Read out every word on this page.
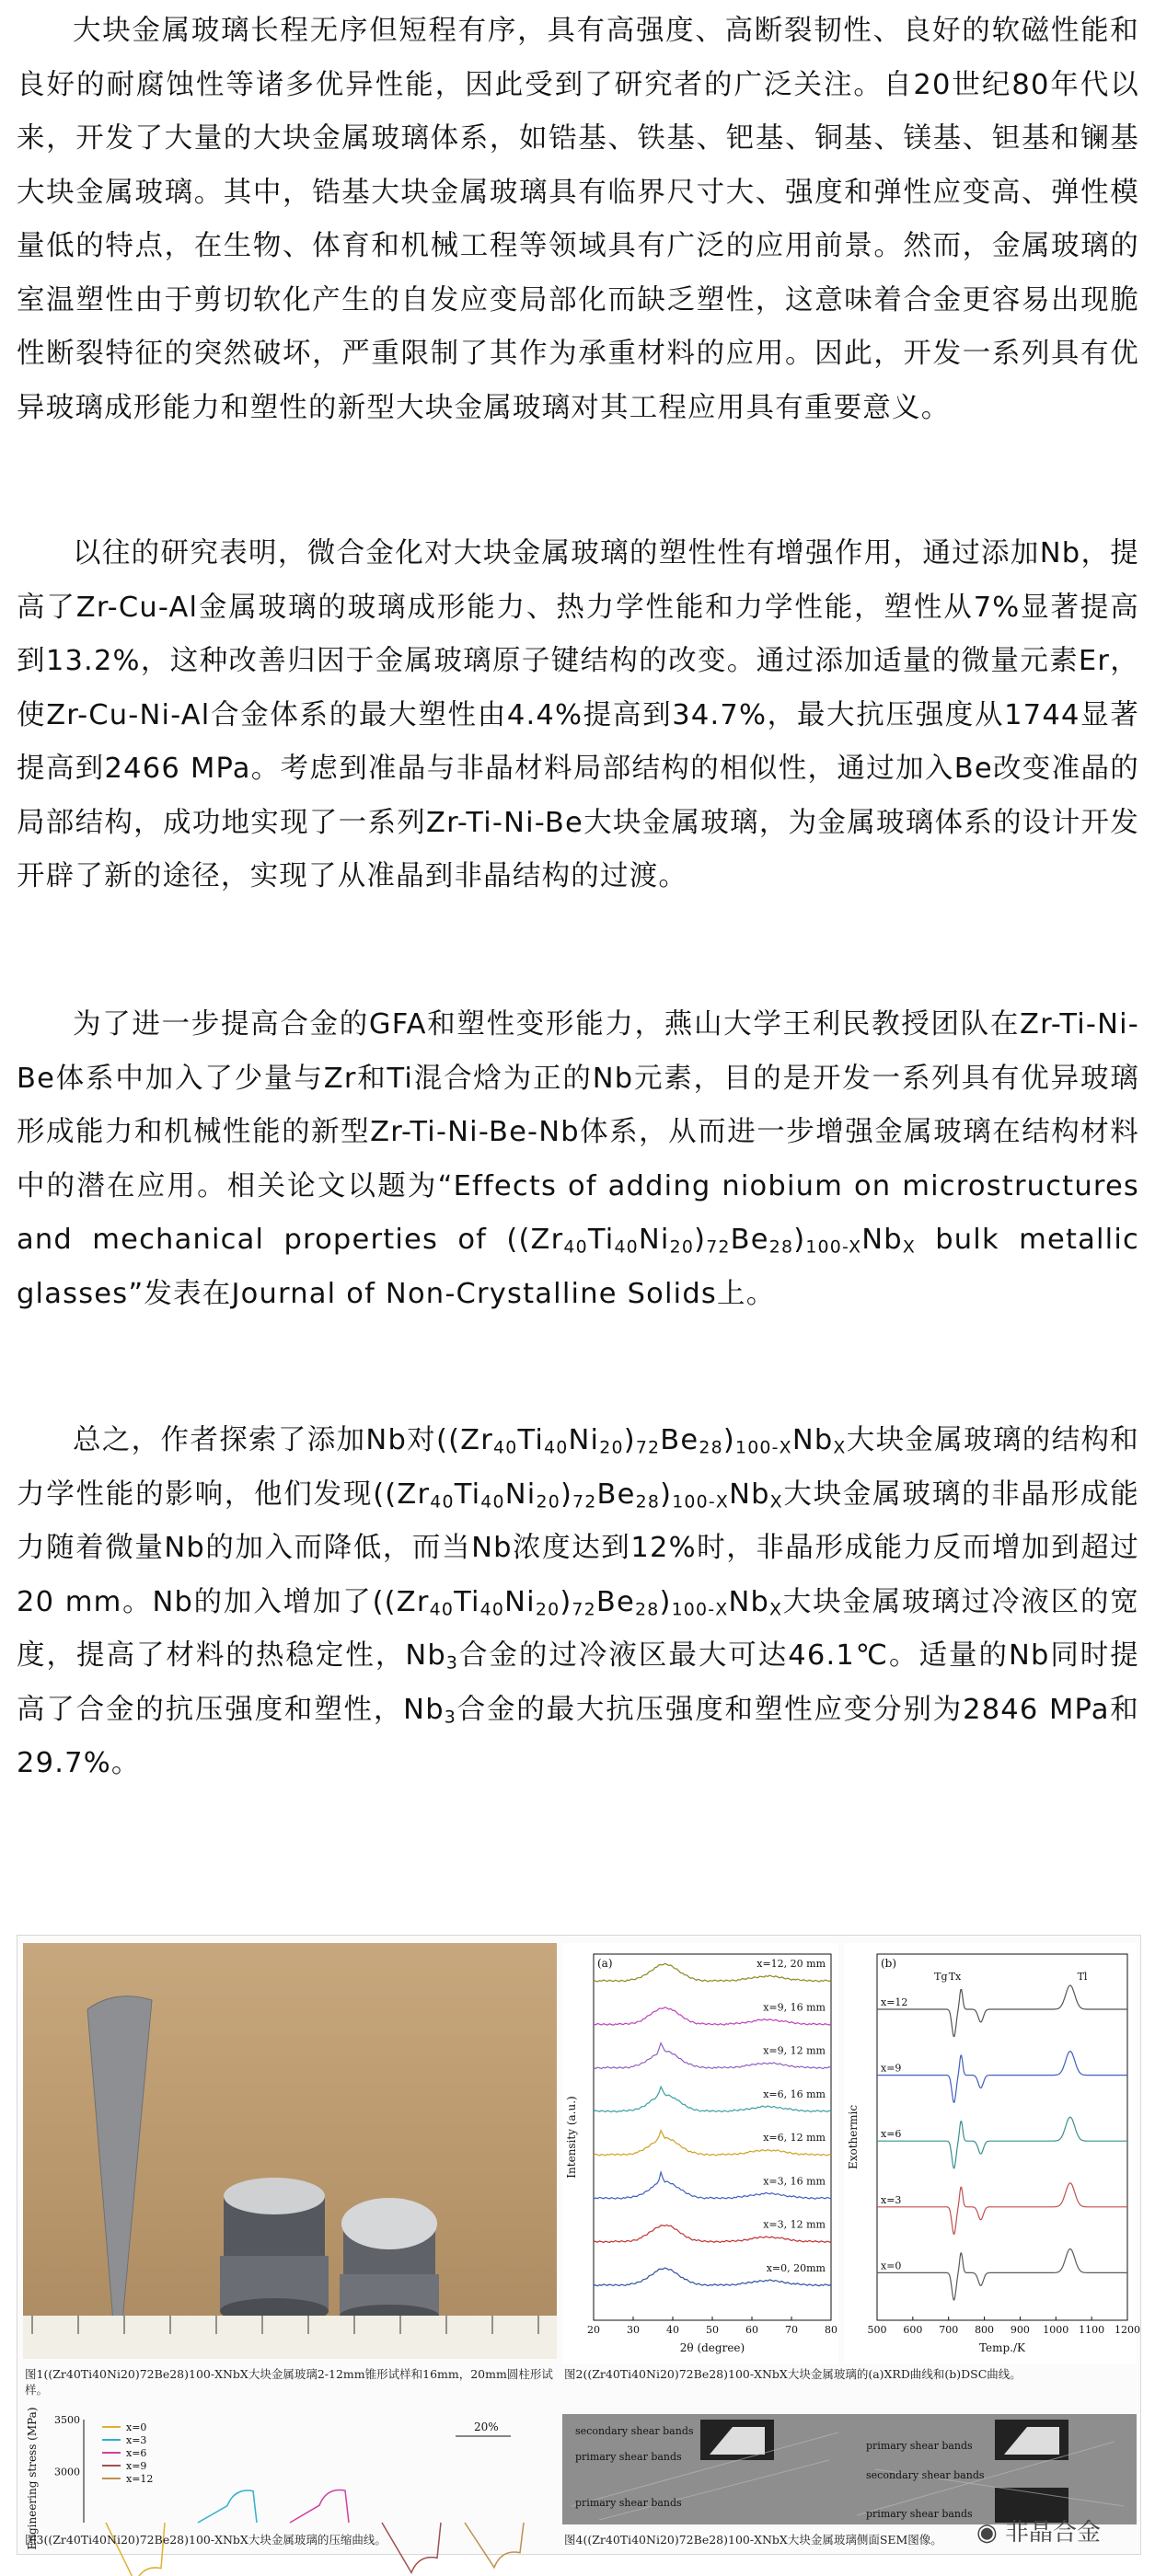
大块金属玻璃长程无序但短程有序，具有高强度、高断裂韧性、良好的软磁性能和良好的耐腐蚀性等诸多优异性能，因此受到了研究者的广泛关注。自20世纪80年代以来，开发了大量的大块金属玻璃体系，如锆基、铁基、钯基、铜基、镁基、钽基和镧基大块金属玻璃。其中，锆基大块金属玻璃具有临界尺寸大、强度和弹性应变高、弹性模量低的特点，在生物、体育和机械工程等领域具有广泛的应用前景。然而，金属玻璃的室温塑性由于剪切软化产生的自发应变局部化而缺乏塑性，这意味着合金更容易出现脆性断裂特征的突然破坏，严重限制了其作为承重材料的应用。因此，开发一系列具有优异玻璃成形能力和塑性的新型大块金属玻璃对其工程应用具有重要意义。

以往的研究表明，微合金化对大块金属玻璃的塑性性有增强作用，通过添加Nb，提高了Zr-Cu-Al金属玻璃的玻璃成形能力、热力学性能和力学性能，塑性从7%显著提高到13.2%，这种改善归因于金属玻璃原子键结构的改变。通过添加适量的微量元素Er，使Zr-Cu-Ni-Al合金体系的最大塑性由4.4%提高到34.7%，最大抗压强度从1744显著提高到2466 MPa。考虑到准晶与非晶材料局部结构的相似性，通过加入Be改变准晶的局部结构，成功地实现了一系列Zr-Ti-Ni-Be大块金属玻璃，为金属玻璃体系的设计开发开辟了新的途径，实现了从准晶到非晶结构的过渡。

为了进一步提高合金的GFA和塑性变形能力，燕山大学王利民教授团队在Zr-Ti-Ni-Be体系中加入了少量与Zr和Ti混合焓为正的Nb元素，目的是开发一系列具有优异玻璃形成能力和机械性能的新型Zr-Ti-Ni-Be-Nb体系，从而进一步增强金属玻璃在结构材料中的潜在应用。相关论文以题为“Effects of adding niobium on microstructures and mechanical properties of $((Zr_{40}Ti_{40}Ni_{20})_{72}Be_{28})_{100-X}Nb_X$ bulk metallic glasses”发表在Journal of Non-Crystalline Solids上。

总之，作者探索了添加Nb对$((Zr_{40}Ti_{40}Ni_{20})_{72}Be_{28})_{100-X}Nb_X$大块金属玻璃的结构和力学性能的影响，他们发现$((Zr_{40}Ti_{40}Ni_{20})_{72}Be_{28})_{100-X}Nb_X$大块金属玻璃的非晶形成能力随着微量Nb的加入而降低，而当Nb浓度达到12%时，非晶形成能力反而增加到超过20 mm。Nb的加入增加了$((Zr_{40}Ti_{40}Ni_{20})_{72}Be_{28})_{100-X}Nb_X$大块金属玻璃过冷液区的宽度，提高了材料的热稳定性，$Nb_3$合金的过冷液区最大可达46.1℃。适量的Nb同时提高了合金的抗压强度和塑性，$Nb_3$合金的最大抗压强度和塑性应变分别为2846 MPa和29.7%。

图1((Zr40Ti40Ni20)72Be28)100-XNbX大块金属玻璃2-12mm锥形试样和16mm，20mm圆柱形试样。
20	30	40	50	60	70	80
2θ (degree)
Intensity (a.u.)
(a)	x=12, 20 mm
x=9, 16 mm
x=9, 12 mm
x=6, 16 mm
x=6, 12 mm
x=3, 16 mm
x=3, 12 mm
x=0, 20mm
500 600 700 800 900 1000 1100 1200
Temp./K
Exothermic
(b)
Tg Tx	Tl
x=12
x=9
x=6
x=3
x=0
图2((Zr40Ti40Ni20)72Be28)100-XNbX大块金属玻璃的(a)XRD曲线和(b)DSC曲线。
3000
3500
Engineering stress (MPa)	x=0
x=3
x=6
x=9
x=12
20%	secondary shear bands
primary shear bands
primary shear bands
secondary shear bands
primary shear bands
primary shear bands
图3((Zr40Ti40Ni20)72Be28)100-XNbX大块金属玻璃的压缩曲线。	图4((Zr40Ti40Ni20)72Be28)100-XNbX大块金属玻璃侧面SEM图像。	◉ 非晶合金
